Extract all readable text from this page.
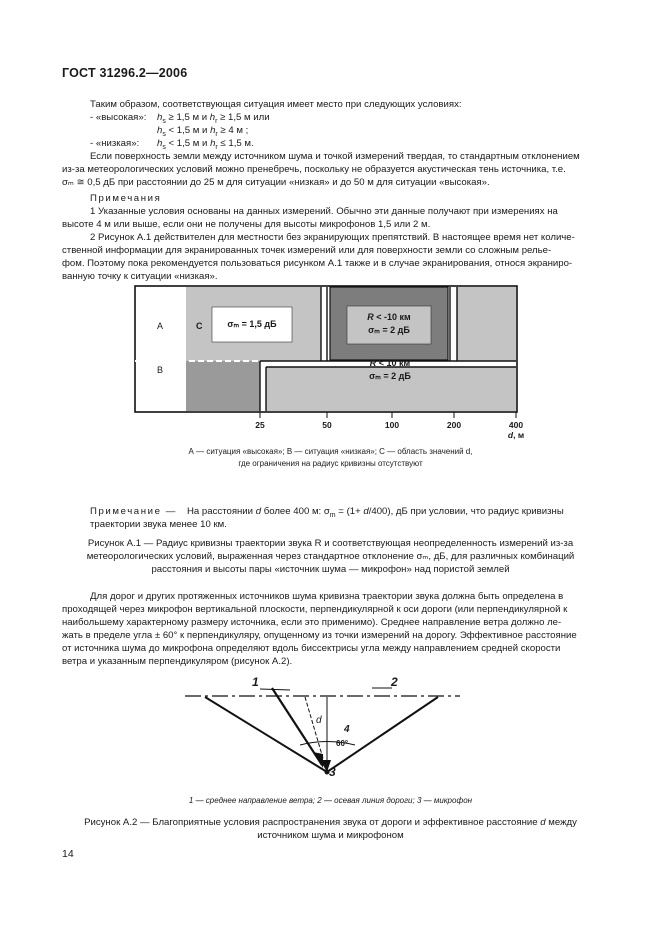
ГОСТ 31296.2—2006
Таким образом, соответствующая ситуация имеет место при следующих условиях:
- «высокая»: $h_s \ge 1,5$ м и $h_r \ge 1,5$ м или
$h_s < 1,5$ м и $h_r \ge 4$ м ;
- «низкая»: $h_s < 1,5$ м и $h_r \le 1,5$ м.
Если поверхность земли между источником шума и точкой измерений твердая, то стандартным отклонением
из-за метеорологических условий можно пренебречь, поскольку не образуется акустическая тень источника, т.е.
σₘ ≅ 0,5 дБ при расстоянии до 25 м для ситуации «низкая» и до 50 м для ситуации «высокая».
Примечания
1 Указанные условия основаны на данных измерений. Обычно эти данные получают при измерениях на
высоте 4 м или выше, если они не получены для высоты микрофонов 1,5 или 2 м.
2 Рисунок А.1 действителен для местности без экранирующих препятствий. В настоящее время нет количе-
ственной информации для экранированных точек измерений или для поверхности земли со сложным релье-
фом. Поэтому пока рекомендуется пользоваться рисунком А.1 также и в случае экранирования, относя экраниро-
ванную точку к ситуации «низкая».
A
B
C	σₘ = 1,5 дБ
R < -10 км
σₘ = 2 дБ
R < 10 км
σₘ = 2 дБ
25	50	100	200	400
d, м
А — ситуация «высокая»; В — ситуация «низкая»; С — область значений d,
где ограничения на радиус кривизны отсутствуют
Примечание — На расстоянии d более 400 м: $\sigma_m = (1+ d/400)$, дБ при условии, что радиус кривизны
траектории звука менее 10 км.
Рисунок А.1 — Радиус кривизны траектории звука R и соответствующая неопределенность измерений из-за
метеорологических условий, выраженная через стандартное отклонение σₘ, дБ, для различных комбинаций
расстояния и высоты пары «источник шума — микрофон» над пористой землей
Для дорог и других протяженных источников шума кривизна траектории звука должна быть определена в
проходящей через микрофон вертикальной плоскости, перпендикулярной к оси дороги (или перпендикулярной к
наибольшему характерному размеру источника, если это применимо). Среднее направление ветра должно ле-
жать в пределе угла ± 60° к перпендикуляру, опущенному из точки измерений на дорогу. Эффективное расстояние
от источника шума до микрофона определяют вдоль биссектрисы угла между направлением средней скорости
ветра и указанным перпендикуляром (рисунок А.2).
1	2
3
4
d
60°
1 — среднее направление ветра; 2 — осевая линия дороги; 3 — микрофон
Рисунок А.2 — Благоприятные условия распространения звука от дороги и эффективное расстояние d между
источником шума и микрофоном
14
